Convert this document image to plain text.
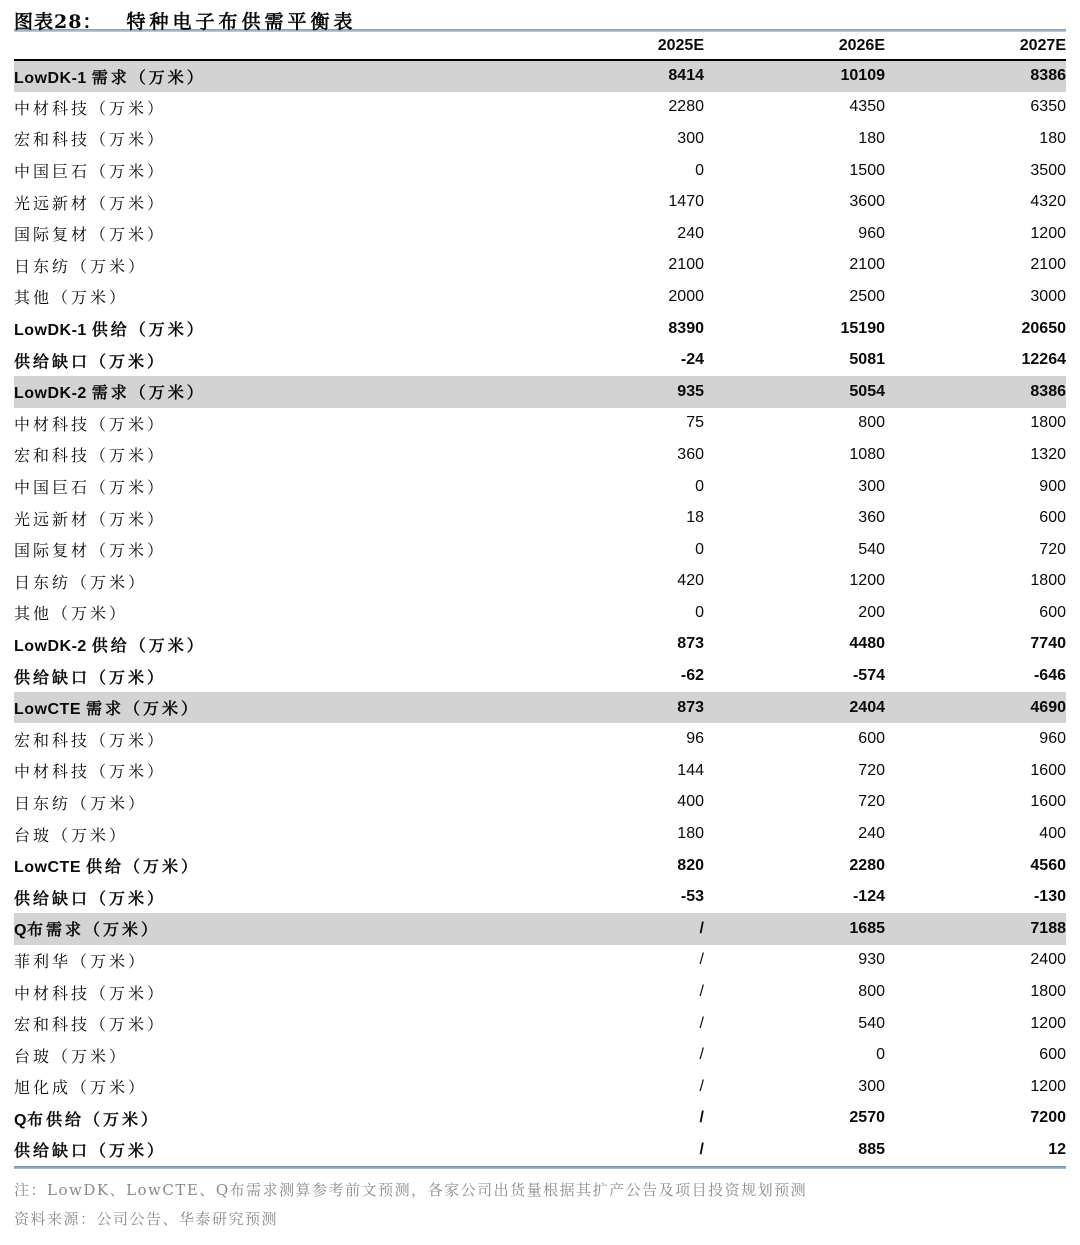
图表28： 特种电子布供需平衡表
	2025E	2026E	2027E
LowDK-1 需求（万米）	8414	10109	8386
中材科技（万米）	2280	4350	6350
宏和科技（万米）	300	180	180
中国巨石（万米）	0	1500	3500
光远新材（万米）	1470	3600	4320
国际复材（万米）	240	960	1200
日东纺（万米）	2100	2100	2100
其他（万米）	2000	2500	3000
LowDK-1 供给（万米）	8390	15190	20650
供给缺口（万米）	-24	5081	12264
LowDK-2 需求（万米）	935	5054	8386
中材科技（万米）	75	800	1800
宏和科技（万米）	360	1080	1320
中国巨石（万米）	0	300	900
光远新材（万米）	18	360	600
国际复材（万米）	0	540	720
日东纺（万米）	420	1200	1800
其他（万米）	0	200	600
LowDK-2 供给（万米）	873	4480	7740
供给缺口（万米）	-62	-574	-646
LowCTE 需求（万米）	873	2404	4690
宏和科技（万米）	96	600	960
中材科技（万米）	144	720	1600
日东纺（万米）	400	720	1600
台玻（万米）	180	240	400
LowCTE 供给（万米）	820	2280	4560
供给缺口（万米）	-53	-124	-130
Q布需求（万米）	/	1685	7188
菲利华（万米）	/	930	2400
中材科技（万米）	/	800	1800
宏和科技（万米）	/	540	1200
台玻（万米）	/	0	600
旭化成（万米）	/	300	1200
Q布供给（万米）	/	2570	7200
供给缺口（万米）	/	885	12
注：LowDK、LowCTE、Q布需求测算参考前文预测，各家公司出货量根据其扩产公告及项目投资规划预测
资料来源：公司公告、华泰研究预测
